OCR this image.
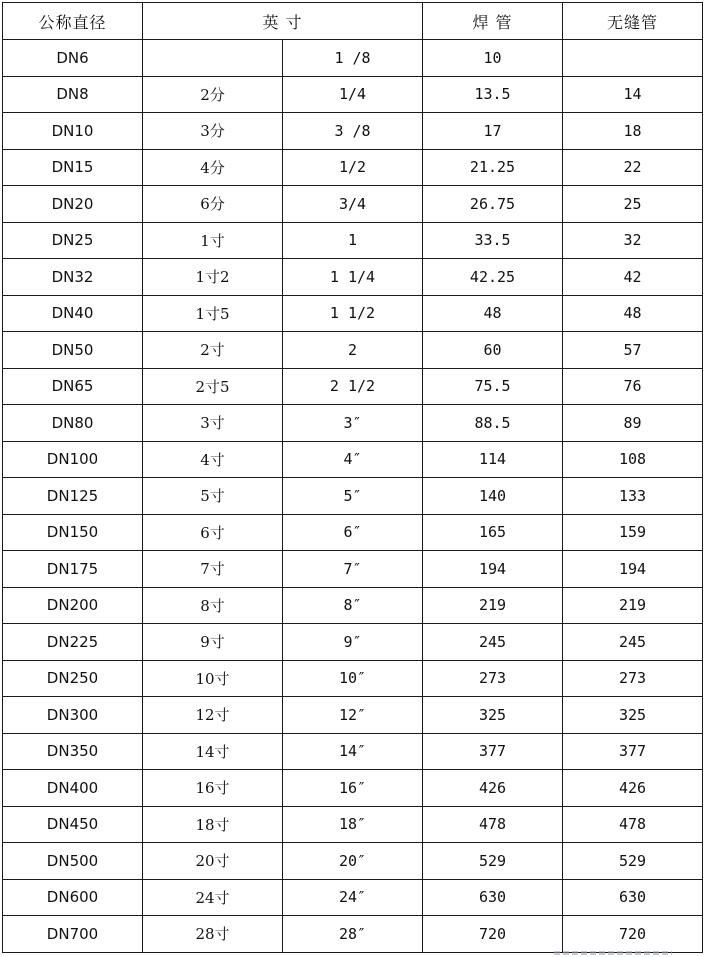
公称直径	英 寸		焊 管	无缝管
DN6		1 /8	10	
DN8	2分	1/4	13.5	14
DN10	3分	3 /8	17	18
DN15	4分	1/2	21.25	22
DN20	6分	3/4	26.75	25
DN25	1寸	1	33.5	32
DN32	1寸2	1 1/4	42.25	42
DN40	1寸5	1 1/2	48	48
DN50	2寸	2	60	57
DN65	2寸5	2 1/2	75.5	76
DN80	3寸	3″	88.5	89
DN100	4寸	4″	114	108
DN125	5寸	5″	140	133
DN150	6寸	6″	165	159
DN175	7寸	7″	194	194
DN200	8寸	8″	219	219
DN225	9寸	9″	245	245
DN250	10寸	10″	273	273
DN300	12寸	12″	325	325
DN350	14寸	14″	377	377
DN400	16寸	16″	426	426
DN450	18寸	18″	478	478
DN500	20寸	20″	529	529
DN600	24寸	24″	630	630
DN700	28寸	28″	720	720
